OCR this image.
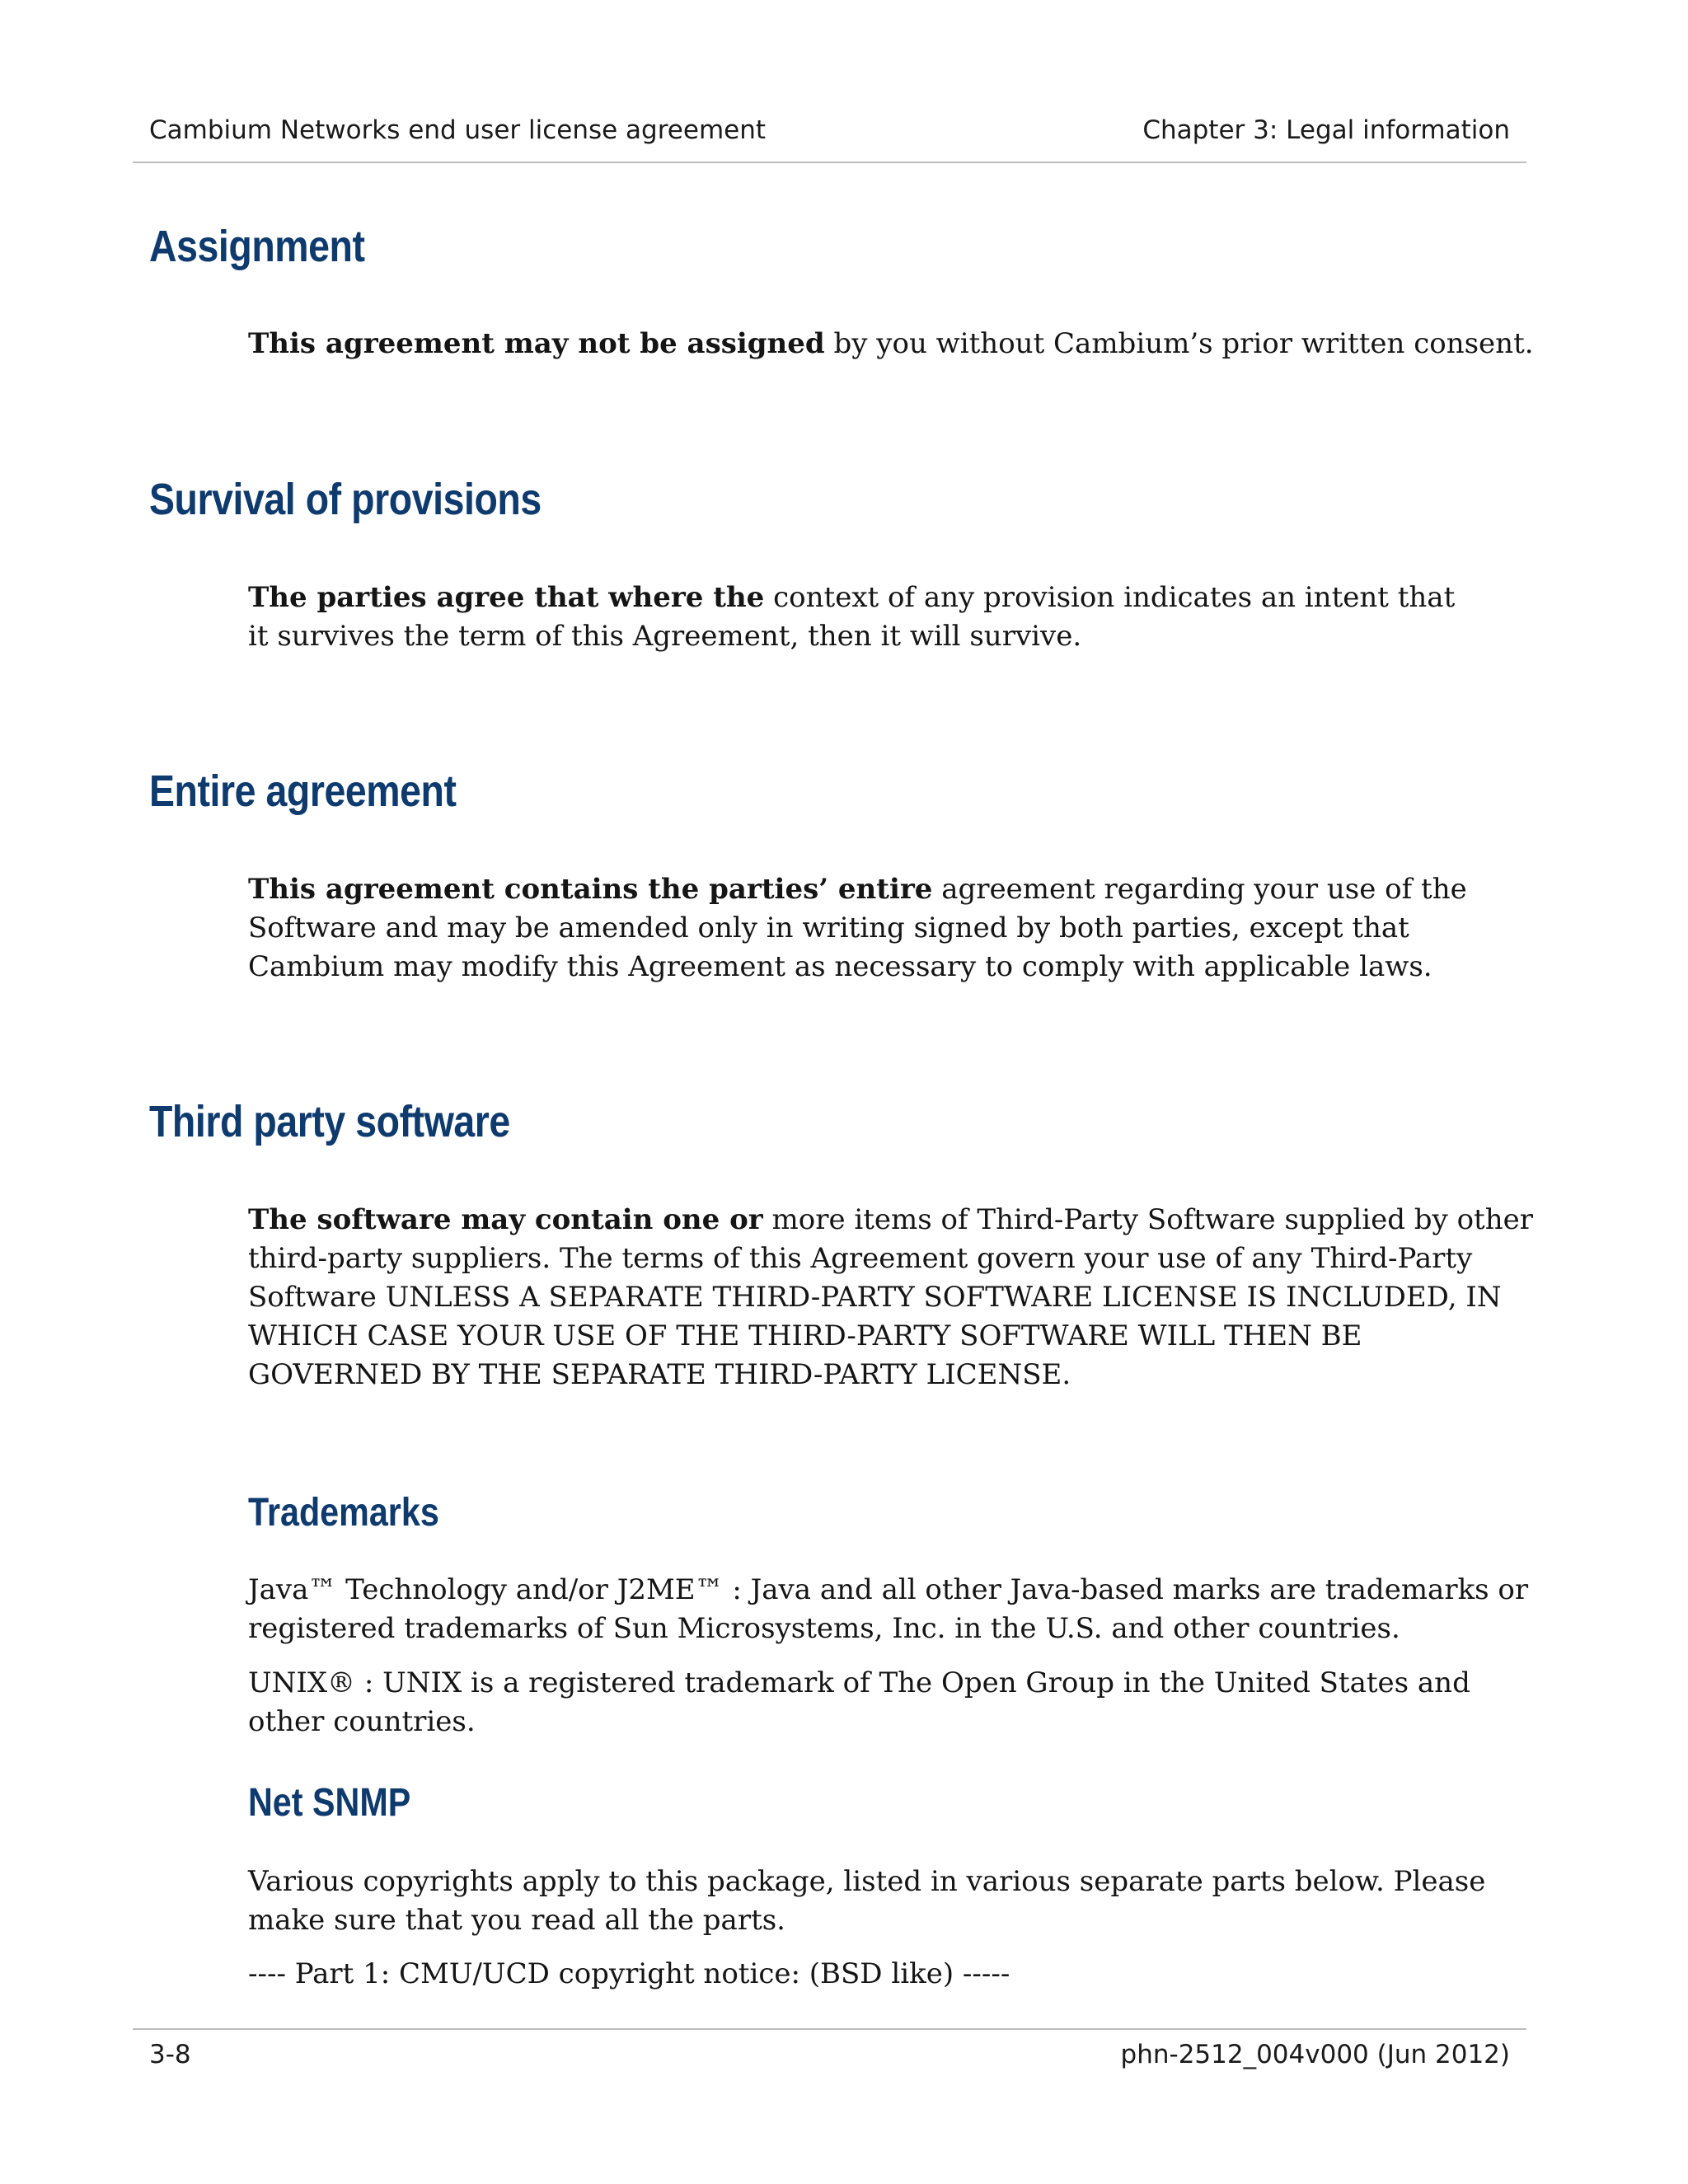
Cambium Networks end user license agreement	Chapter 3: Legal information
Assignment

This agreement may not be assigned by you without Cambium’s prior written consent.

Survival of provisions

The parties agree that where the context of any provision indicates an intent that it survives the term of this Agreement, then it will survive.

Entire agreement

This agreement contains the parties’ entire agreement regarding your use of the Software and may be amended only in writing signed by both parties, except that Cambium may modify this Agreement as necessary to comply with applicable laws.

Third party software

The software may contain one or more items of Third-Party Software supplied by other third-party suppliers. The terms of this Agreement govern your use of any Third-Party Software UNLESS A SEPARATE THIRD-PARTY SOFTWARE LICENSE IS INCLUDED, IN WHICH CASE YOUR USE OF THE THIRD-PARTY SOFTWARE WILL THEN BE GOVERNED BY THE SEPARATE THIRD-PARTY LICENSE.

Trademarks

Java™ Technology and/or J2ME™ : Java and all other Java-based marks are trademarks or registered trademarks of Sun Microsystems, Inc. in the U.S. and other countries.

UNIX® : UNIX is a registered trademark of The Open Group in the United States and other countries.

Net SNMP

Various copyrights apply to this package, listed in various separate parts below. Please make sure that you read all the parts.

---- Part 1: CMU/UCD copyright notice: (BSD like) -----

3-8	phn-2512_004v000 (Jun 2012)
